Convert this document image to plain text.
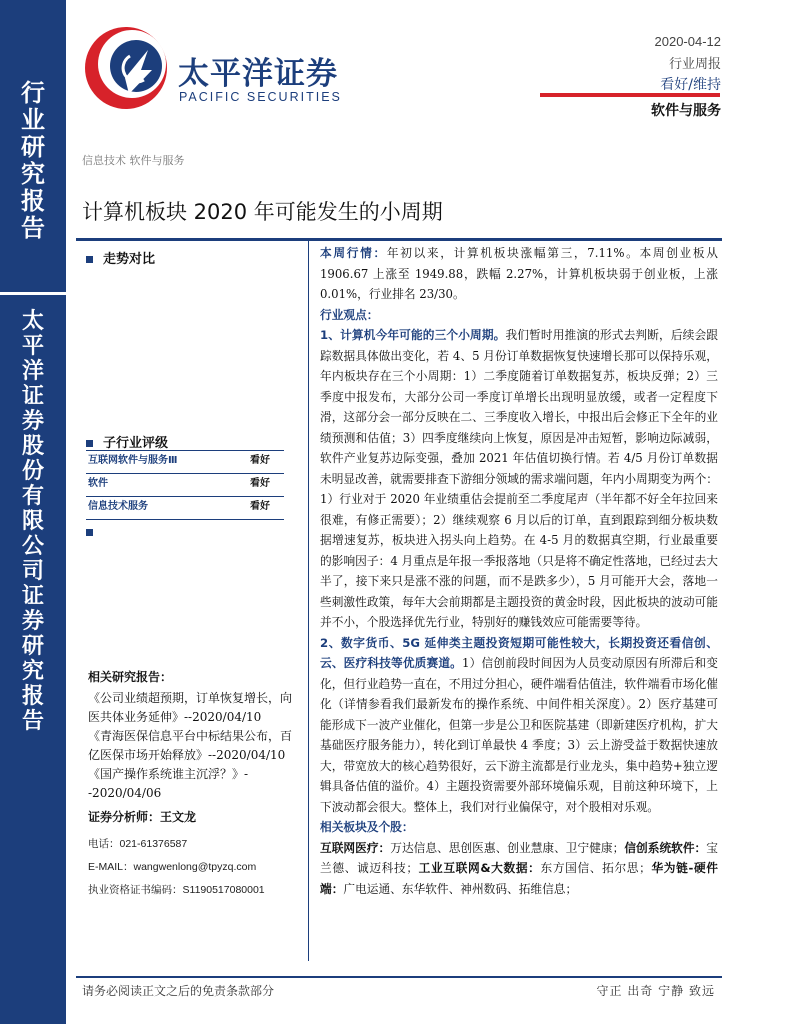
行
业
研
究
报
告
太
平
洋
证
券
股
份
有
限
公
司
证
券
研
究
报
告
太平洋证券
PACIFIC SECURITIES
2020-04-12
行业周报
看好/维持
软件与服务
信息技术 软件与服务
计算机板块 2020 年可能发生的小周期
走势对比
子行业评级
互联网软件与服务Ⅲ	看好
软件	看好
信息技术服务	看好
相关研究报告：
《公司业绩超预期，订单恢复增长，向医共体业务延伸》--2020/04/10
《青海医保信息平台中标结果公布，百亿医保市场开始释放》--2020/04/10
《国产操作系统谁主沉浮？》--2020/04/06
证券分析师：王文龙
电话：021-61376587
E-MAIL：wangwenlong@tpyzq.com
执业资格证书编码：S1190517080001

本周行情：年初以来，计算机板块涨幅第三，7.11%。本周创业板从1906.67 上涨至 1949.88，跌幅 2.27%，计算机板块弱于创业板，上涨 0.01%，行业排名 23/30。

行业观点：

1、计算机今年可能的三个小周期。我们暂时用推演的形式去判断，后续会跟踪数据具体做出变化，若 4、5 月份订单数据恢复快速增长那可以保持乐观，年内板块存在三个小周期：1）二季度随着订单数据复苏，板块反弹；2）三季度中报发布，大部分公司一季度订单增长出现明显放缓，或者一定程度下滑，这部分会一部分反映在二、三季度收入增长，中报出后会修正下全年的业绩预测和估值；3）四季度继续向上恢复，原因是冲击短暂，影响边际减弱，软件产业复苏边际变强，叠加 2021 年估值切换行情。若 4/5 月份订单数据未明显改善，就需要排查下游细分领域的需求端问题，年内小周期变为两个：1）行业对于 2020 年业绩重估会提前至二季度尾声（半年都不好全年拉回来很难，有修正需要）；2）继续观察 6 月以后的订单，直到跟踪到细分板块数据增速复苏，板块进入拐头向上趋势。在 4-5 月的数据真空期，行业最重要的影响因子：4 月重点是年报一季报落地（只是将不确定性落地，已经过去大半了，接下来只是涨不涨的问题，而不是跌多少），5 月可能开大会，落地一些刺激性政策，每年大会前期都是主题投资的黄金时段，因此板块的波动可能并不小，个股选择优先行业，特别好的赚钱效应可能需要等待。

2、数字货币、5G 延伸类主题投资短期可能性较大，长期投资还看信创、云、医疗科技等优质赛道。1）信创前段时间因为人员变动原因有所滞后和变化，但行业趋势一直在，不用过分担心，硬件端看估值洼，软件端看市场化催化（详情参看我们最新发布的操作系统、中间件相关深度）。2）医疗基建可能形成下一波产业催化，但第一步是公卫和医院基建（即新建医疗机构，扩大基础医疗服务能力），转化到订单最快 4 季度；3）云上游受益于数据快速放大，带宽放大的核心趋势很好，云下游主流都是行业龙头，集中趋势+独立逻辑具备估值的溢价。4）主题投资需要外部环境偏乐观，目前这种环境下，上下波动都会很大。整体上，我们对行业偏保守，对个股相对乐观。

相关板块及个股：

互联网医疗：万达信息、思创医惠、创业慧康、卫宁健康；信创系统软件：宝兰德、诚迈科技；工业互联网&大数据：东方国信、拓尔思；华为链-硬件端：广电运通、东华软件、神州数码、拓维信息；

请务必阅读正文之后的免责条款部分	守正 出奇 宁静 致远
